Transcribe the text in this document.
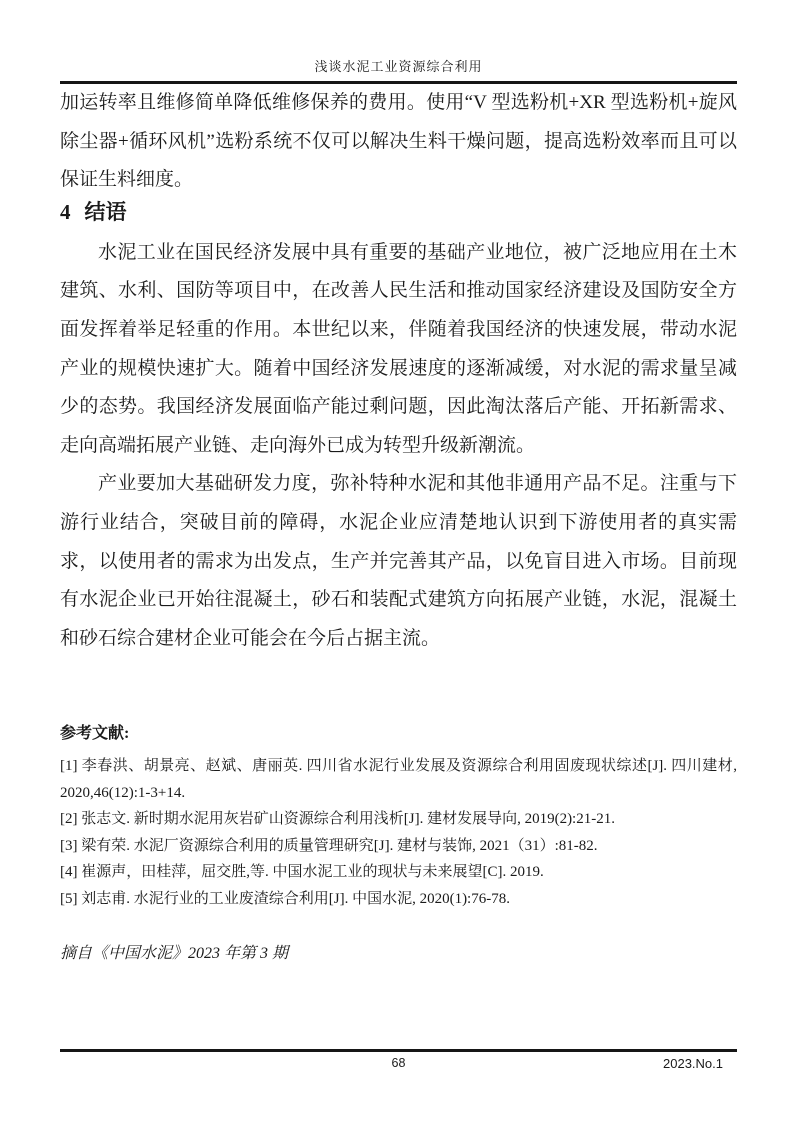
浅谈水泥工业资源综合利用

加运转率且维修简单降低维修保养的费用。使用“V 型选粉机+XR 型选粉机+旋风除尘器+循环风机”选粉系统不仅可以解决生料干燥问题，提高选粉效率而且可以保证生料细度。

4 结语

水泥工业在国民经济发展中具有重要的基础产业地位，被广泛地应用在土木建筑、水利、国防等项目中，在改善人民生活和推动国家经济建设及国防安全方面发挥着举足轻重的作用。本世纪以来，伴随着我国经济的快速发展，带动水泥产业的规模快速扩大。随着中国经济发展速度的逐渐减缓，对水泥的需求量呈减少的态势。我国经济发展面临产能过剩问题，因此淘汰落后产能、开拓新需求、走向高端拓展产业链、走向海外已成为转型升级新潮流。

产业要加大基础研发力度，弥补特种水泥和其他非通用产品不足。注重与下游行业结合，突破目前的障碍，水泥企业应清楚地认识到下游使用者的真实需求，以使用者的需求为出发点，生产并完善其产品，以免盲目进入市场。目前现有水泥企业已开始往混凝土，砂石和装配式建筑方向拓展产业链，水泥，混凝土和砂石综合建材企业可能会在今后占据主流。

参考文献:

[1] 李春洪、胡景亮、赵斌、唐丽英. 四川省水泥行业发展及资源综合利用固废现状综述[J]. 四川建材, 2020,46(12):1-3+14.
[2] 张志文. 新时期水泥用灰岩矿山资源综合利用浅析[J]. 建材发展导向, 2019(2):21-21.
[3] 梁有荣. 水泥厂资源综合利用的质量管理研究[J]. 建材与装饰, 2021（31）:81-82.
[4] 崔源声，田桂萍，屈交胜,等. 中国水泥工业的现状与未来展望[C]. 2019.
[5] 刘志甫. 水泥行业的工业废渣综合利用[J]. 中国水泥, 2020(1):76-78.
摘自《中国水泥》2023 年第 3 期
68	2023.No.1
